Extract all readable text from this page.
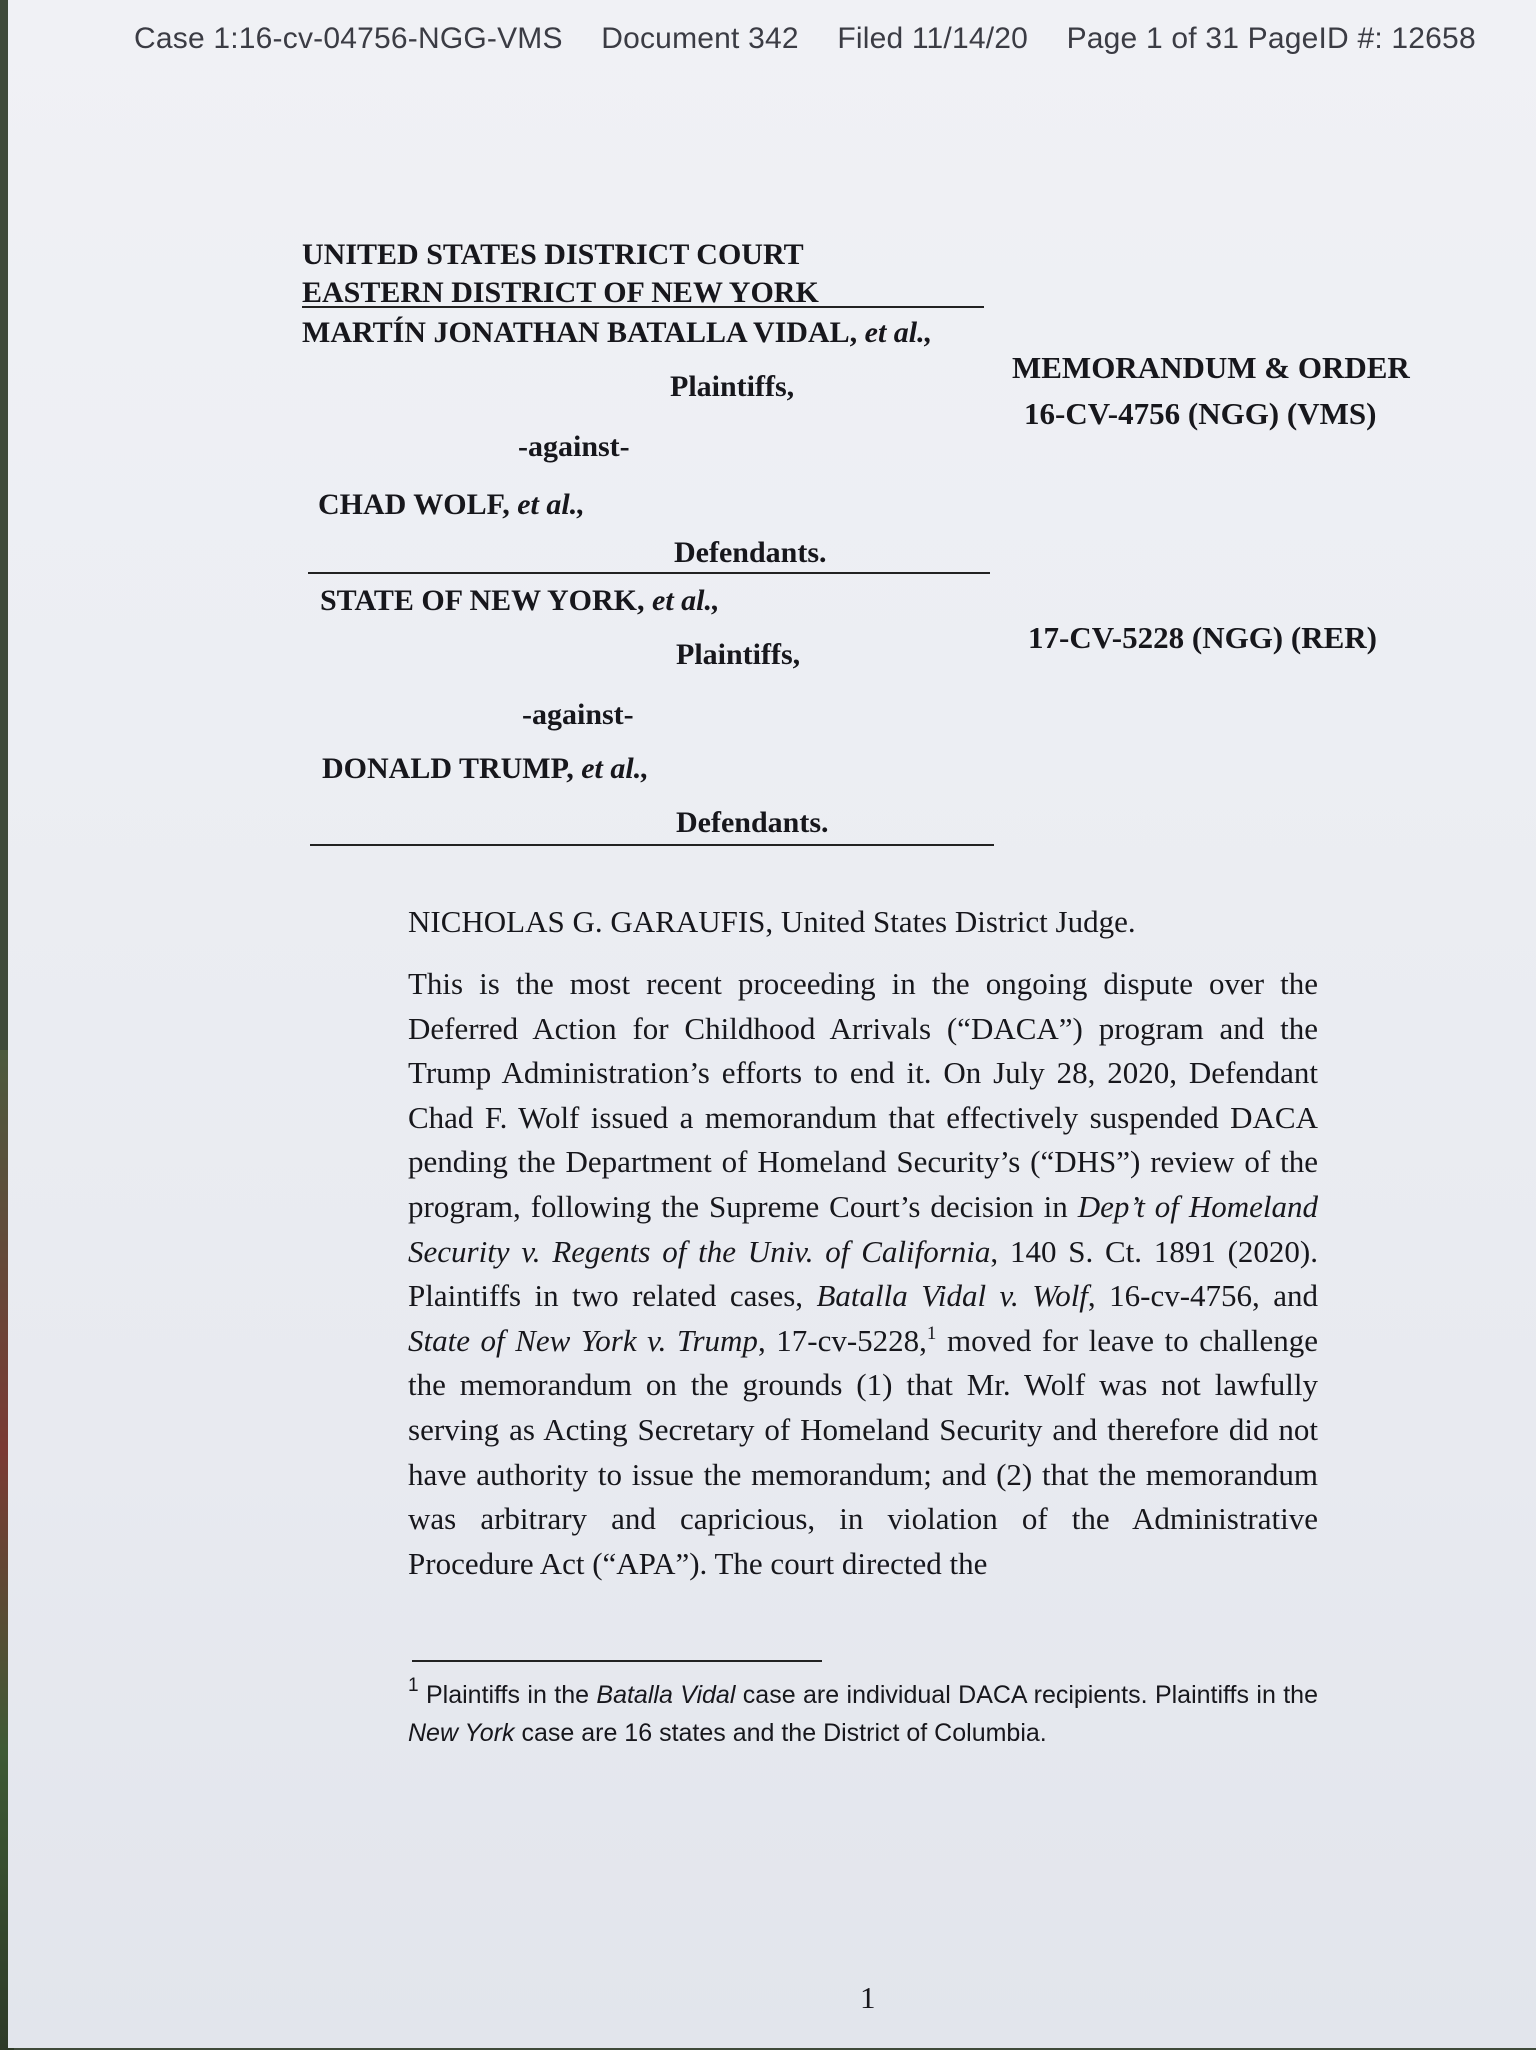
Case 1:16-cv-04756-NGG-VMS Document 342 Filed 11/14/20 Page 1 of 31 PageID #: 12658
UNITED STATES DISTRICT COURT
EASTERN DISTRICT OF NEW YORK
MARTÍN JONATHAN BATALLA VIDAL, et al.,
Plaintiffs,
-against-
CHAD WOLF, et al.,
Defendants.
MEMORANDUM & ORDER
16-CV-4756 (NGG) (VMS)
STATE OF NEW YORK, et al.,
Plaintiffs,
-against-
DONALD TRUMP, et al.,
Defendants.
17-CV-5228 (NGG) (RER)
NICHOLAS G. GARAUFIS, United States District Judge.

This is the most recent proceeding in the ongoing dispute over the Deferred Action for Childhood Arrivals (“DACA”) program and the Trump Administration’s efforts to end it. On July 28, 2020, Defendant Chad F. Wolf issued a memorandum that effectively suspended DACA pending the Department of Homeland Security’s (“DHS”) review of the program, following the Supreme Court’s decision in Dep’t of Homeland Security v. Regents of the Univ. of California, 140 S. Ct. 1891 (2020). Plaintiffs in two related cases, Batalla Vidal v. Wolf, 16-cv-4756, and State of New York v. Trump, 17-cv-5228,$^1$ moved for leave to challenge the memorandum on the grounds (1) that Mr. Wolf was not lawfully serving as Acting Secretary of Homeland Security and therefore did not have authority to issue the memorandum; and (2) that the memorandum was arbitrary and capricious, in violation of the Administrative Procedure Act (“APA”). The court directed the

$^1$ Plaintiffs in the Batalla Vidal case are individual DACA recipients. Plaintiffs in the New York case are 16 states and the District of Columbia.
1
